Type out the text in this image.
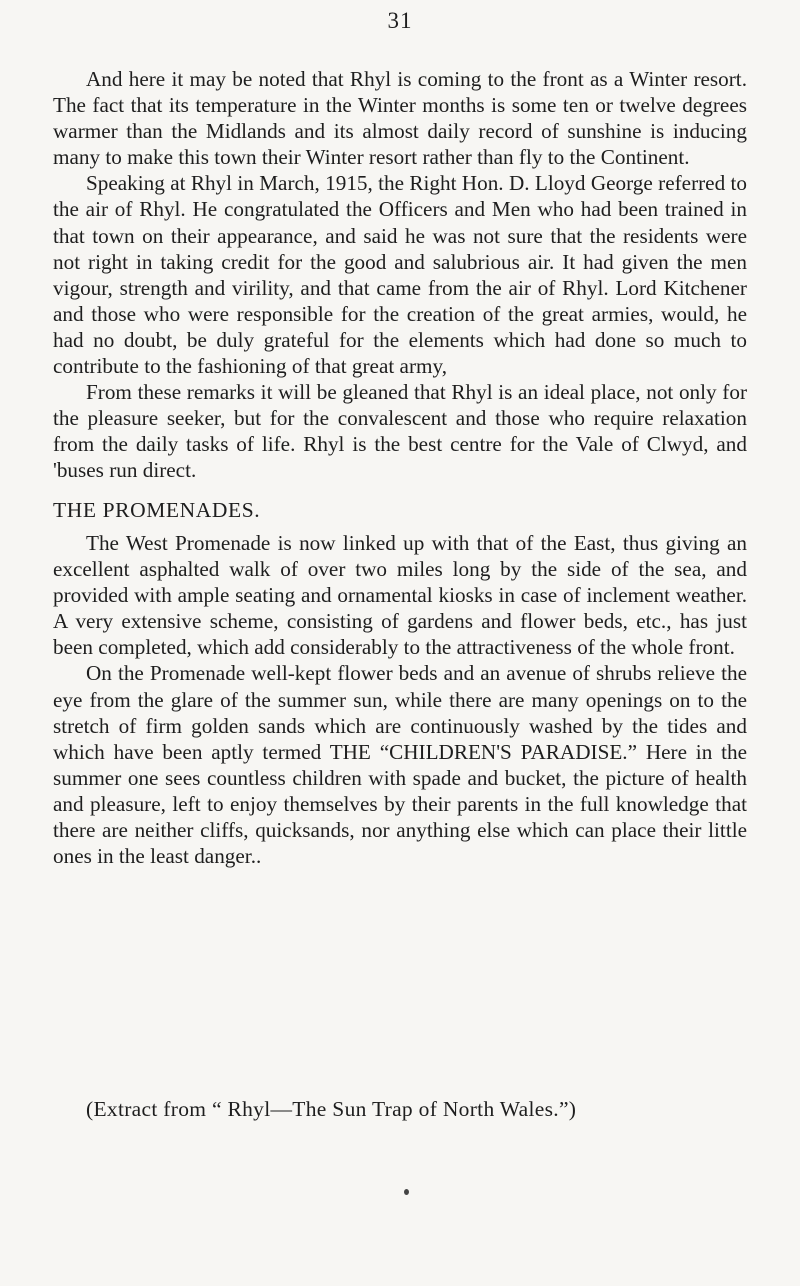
31

And here it may be noted that Rhyl is coming to the front as a Winter resort. The fact that its temperature in the Winter months is some ten or twelve degrees warmer than the Midlands and its almost daily record of sunshine is inducing many to make this town their Winter resort rather than fly to the Continent.

Speaking at Rhyl in March, 1915, the Right Hon. D. Lloyd George referred to the air of Rhyl. He congratulated the Officers and Men who had been trained in that town on their appearance, and said he was not sure that the residents were not right in taking credit for the good and salubrious air. It had given the men vigour, strength and virility, and that came from the air of Rhyl. Lord Kitchener and those who were responsible for the creation of the great armies, would, he had no doubt, be duly grateful for the elements which had done so much to contribute to the fashioning of that great army,

From these remarks it will be gleaned that Rhyl is an ideal place, not only for the pleasure seeker, but for the convalescent and those who require relaxation from the daily tasks of life. Rhyl is the best centre for the Vale of Clwyd, and 'buses run direct.

THE PROMENADES.

The West Promenade is now linked up with that of the East, thus giving an excellent asphalted walk of over two miles long by the side of the sea, and provided with ample seating and ornamental kiosks in case of inclement weather. A very extensive scheme, consisting of gardens and flower beds, etc., has just been completed, which add considerably to the attractiveness of the whole front.

On the Promenade well-kept flower beds and an avenue of shrubs relieve the eye from the glare of the summer sun, while there are many openings on to the stretch of firm golden sands which are continuously washed by the tides and which have been aptly termed THE “CHILDREN'S PARADISE.” Here in the summer one sees countless children with spade and bucket, the picture of health and pleasure, left to enjoy themselves by their parents in the full knowledge that there are neither cliffs, quicksands, nor anything else which can place their little ones in the least danger..

(Extract from “ Rhyl—The Sun Trap of North Wales.”)
